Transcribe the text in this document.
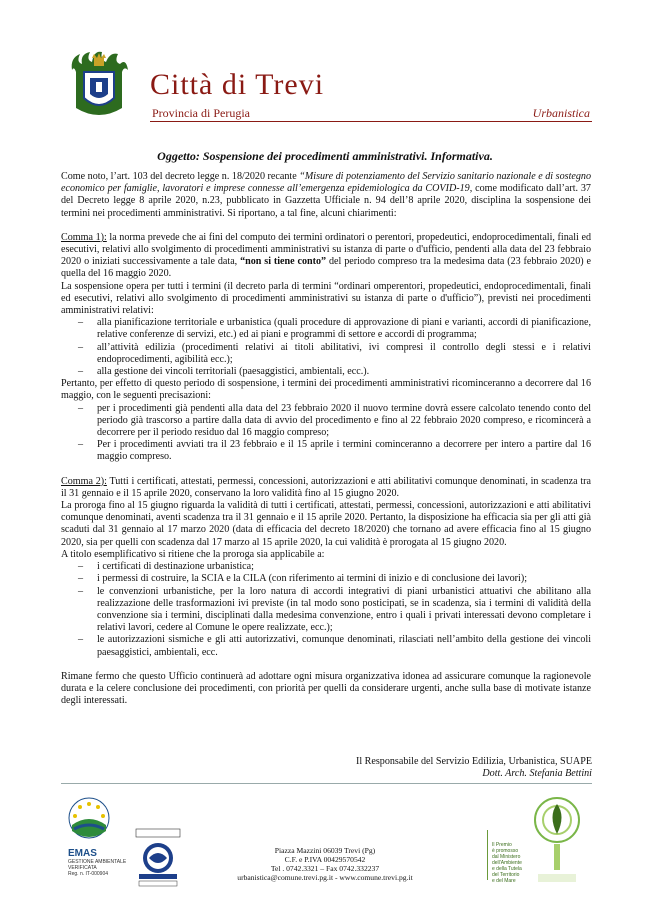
Città di Trevi
Provincia di Perugia	Urbanistica
Oggetto: Sospensione dei procedimenti amministrativi. Informativa.

Come noto, l’art. 103 del decreto legge n. 18/2020 recante “Misure di potenziamento del Servizio sanitario nazionale e di sostegno economico per famiglie, lavoratori e imprese connesse all’emergenza epidemiologica da COVID-19, come modificato dall’art. 37 del Decreto legge 8 aprile 2020, n.23, pubblicato in Gazzetta Ufficiale n. 94 dell’8 aprile 2020, disciplina la sospensione dei termini nei procedimenti amministrativi. Si riportano, a tal fine, alcuni chiarimenti:

Comma 1): la norma prevede che ai fini del computo dei termini ordinatori o perentori, propedeutici, endoprocedimentali, finali ed esecutivi, relativi allo svolgimento di procedimenti amministrativi su istanza di parte o d'ufficio, pendenti alla data del 23 febbraio 2020 o iniziati successivamente a tale data, “non si tiene conto” del periodo compreso tra la medesima data (23 febbraio 2020) e quella del 16 maggio 2020.

La sospensione opera per tutti i termini (il decreto parla di termini “ordinari omperentori, propedeutici, endoprocedimentali, finali ed esecutivi, relativi allo svolgimento di procedimenti amministrativi su istanza di parte o d'ufficio”), previsti nei procedimenti amministrativi relativi:

– alla pianificazione territoriale e urbanistica (quali procedure di approvazione di piani e varianti, accordi di pianificazione, relative conferenze di servizi, etc.) ed ai piani e programmi di settore e accordi di programma;
– all’attività edilizia (procedimenti relativi ai titoli abilitativi, ivi compresi il controllo degli stessi e i relativi endoprocedimenti, agibilità ecc.);
– alla gestione dei vincoli territoriali (paesaggistici, ambientali, ecc.).

Pertanto, per effetto di questo periodo di sospensione, i termini dei procedimenti amministrativi ricominceranno a decorrere dal 16 maggio, con le seguenti precisazioni:

– per i procedimenti già pendenti alla data del 23 febbraio 2020 il nuovo termine dovrà essere calcolato tenendo conto del periodo già trascorso a partire dalla data di avvio del procedimento e fino al 22 febbraio 2020 compreso, e ricomincerà a decorrere per il periodo residuo dal 16 maggio compreso;
– Per i procedimenti avviati tra il 23 febbraio e il 15 aprile i termini cominceranno a decorrere per intero a partire dal 16 maggio compreso.

Comma 2): Tutti i certificati, attestati, permessi, concessioni, autorizzazioni e atti abilitativi comunque denominati, in scadenza tra il 31 gennaio e il 15 aprile 2020, conservano la loro validità fino al 15 giugno 2020.

La proroga fino al 15 giugno riguarda la validità di tutti i certificati, attestati, permessi, concessioni, autorizzazioni e atti abilitativi comunque denominati, aventi scadenza tra il 31 gennaio e il 15 aprile 2020. Pertanto, la disposizione ha efficacia sia per gli atti già scaduti dal 31 gennaio al 17 marzo 2020 (data di efficacia del decreto 18/2020) che tornano ad avere efficacia fino al 15 giugno 2020, sia per quelli con scadenza dal 17 marzo al 15 aprile 2020, la cui validità è prorogata al 15 giugno 2020.

A titolo esemplificativo si ritiene che la proroga sia applicabile a:

– i certificati di destinazione urbanistica;
– i permessi di costruire, la SCIA e la CILA (con riferimento ai termini di inizio e di conclusione dei lavori);
– le convenzioni urbanistiche, per la loro natura di accordi integrativi di piani urbanistici attuativi che abilitano alla realizzazione delle trasformazioni ivi previste (in tal modo sono posticipati, se in scadenza, sia i termini di validità della convenzione sia i termini, disciplinati dalla medesima convenzione, entro i quali i privati interessati devono completare i relativi lavori, cedere al Comune le opere realizzate, ecc.);
– le autorizzazioni sismiche e gli atti autorizzativi, comunque denominati, rilasciati nell’ambito della gestione dei vincoli paesaggistici, ambientali, ecc.

Rimane fermo che questo Ufficio continuerà ad adottare ogni misura organizzativa idonea ad assicurare comunque la ragionevole durata e la celere conclusione dei procedimenti, con priorità per quelli da considerare urgenti, anche sulla base di motivate istanze degli interessati.

Il Responsabile del Servizio Edilizia, Urbanistica, SUAPE
Dott. Arch. Stefania Bettini
EMAS
GESTIONE AMBIENTALE
VERIFICATA
Reg. n. IT-000904
Piazza Mazzini 06039 Trevi (Pg)
C.F. e P.IVA 00429570542
Tel . 0742.3321 – Fax 0742.332237
urbanistica@comune.trevi.pg.it - www.comune.trevi.pg.it
Il Premio
è promosso
dal Ministero
dell'Ambiente
e della Tutela
del Territorio
e del Mare
